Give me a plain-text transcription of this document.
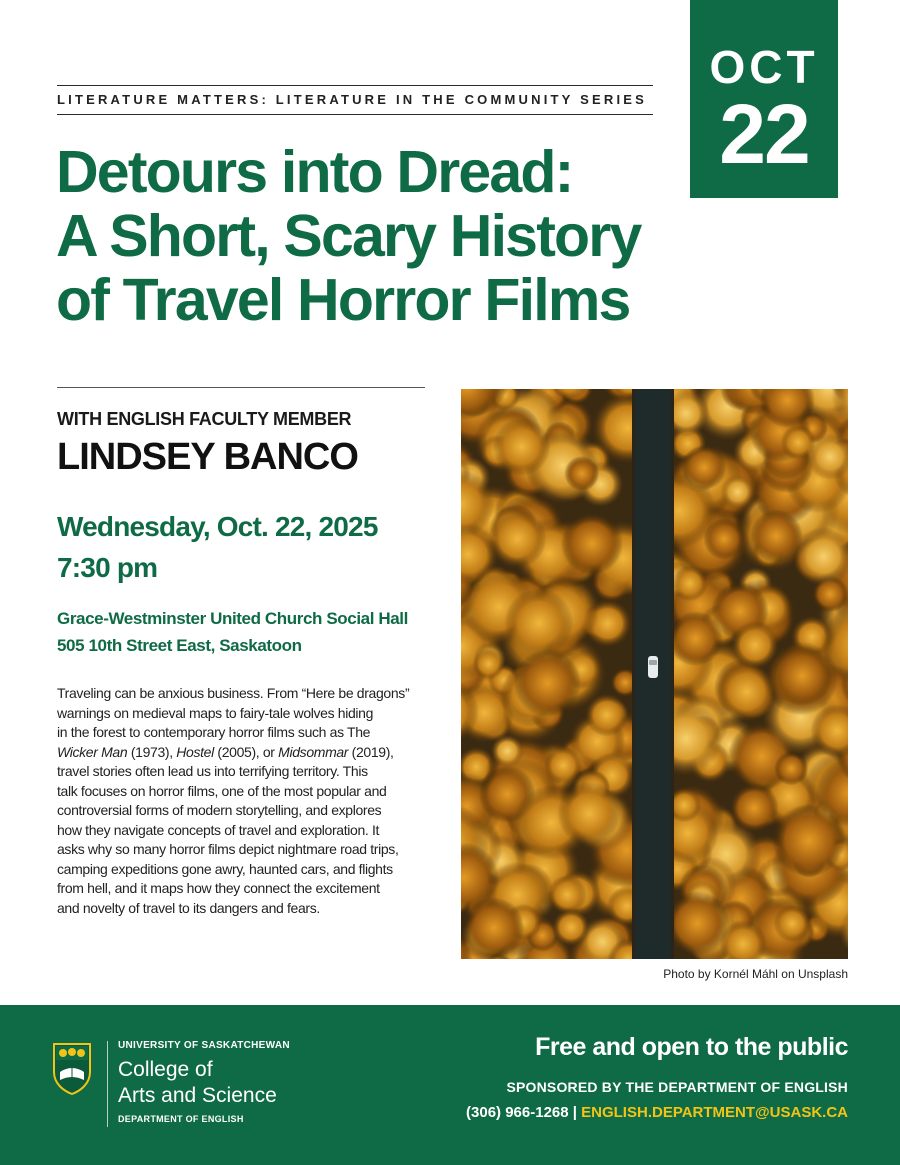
OCT
22
LITERATURE MATTERS: LITERATURE IN THE COMMUNITY SERIES
Detours into Dread:
A Short, Scary History
of Travel Horror Films
WITH ENGLISH FACULTY MEMBER
LINDSEY BANCO
Wednesday, Oct. 22, 2025
7:30 pm
Grace-Westminster United Church Social Hall
505 10th Street East, Saskatoon

Traveling can be anxious business. From “Here be dragons”
warnings on medieval maps to fairy-tale wolves hiding
in the forest to contemporary horror films such as The
Wicker Man (1973), Hostel (2005), or Midsommar (2019),
travel stories often lead us into terrifying territory. This
talk focuses on horror films, one of the most popular and
controversial forms of modern storytelling, and explores
how they navigate concepts of travel and exploration. It
asks why so many horror films depict nightmare road trips,
camping expeditions gone awry, haunted cars, and flights
from hell, and it maps how they connect the excitement
and novelty of travel to its dangers and fears.

Photo by Kornél Máhl on Unsplash
UNIVERSITY OF SASKATCHEWAN
College of
Arts and Science
DEPARTMENT OF ENGLISH
Free and open to the public
SPONSORED BY THE DEPARTMENT OF ENGLISH
(306) 966-1268 | ENGLISH.DEPARTMENT@USASK.CA
